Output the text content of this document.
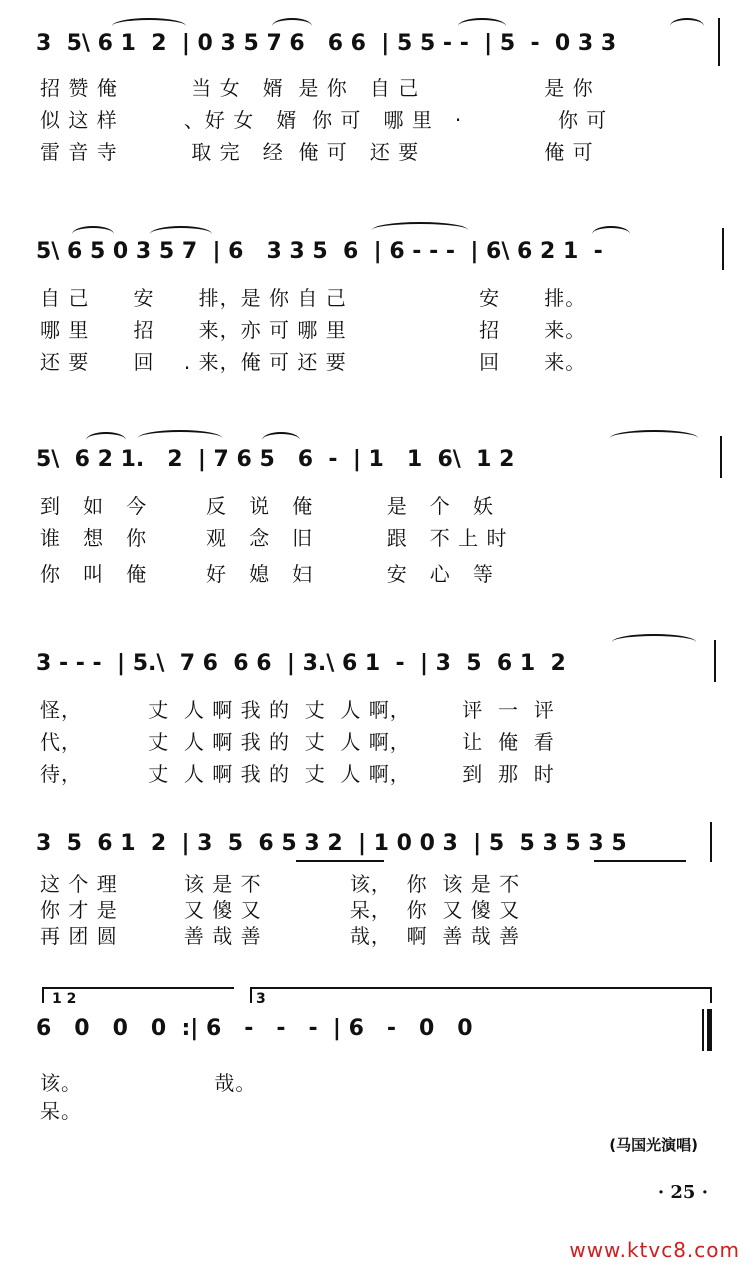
3  5\ 6 1  2  | 0 3 5 7 6   6 6  | 5 5 - -  | 5  -  0 3 3
招 赞 俺          当 女   婿  是 你   自 己                 是 你
似 这 样         、好 女   婿  你 可   哪 里   ·             你 可
雷 音 寺          取 完   经  俺 可   还 要                 俺 可
5\ 6 5 0 3 5 7  | 6   3 3 5  6  | 6 - - -  | 6\ 6 2 1  -
自 己      安      排，是 你 自 己                  安      排。
哪 里      招      来，亦 可 哪 里                  招      来。
还 要      回    . 来，俺 可 还 要                  回      来。
5\  6 2 1.   2  | 7 6 5   6  -  | 1   1  6\  1 2
到   如   今        反   说   俺          是   个   妖
谁   想   你        观   念   旧          跟   不 上 时
你   叫   俺        好   媳   妇          安   心   等
3 - - -  | 5.\  7 6  6 6  | 3.\ 6 1  -  | 3  5  6 1  2
怪，         丈  人 啊 我 的  丈  人 啊，       评  一  评
代，         丈  人 啊 我 的  丈  人 啊，       让  俺  看
待，         丈  人 啊 我 的  丈  人 啊，       到  那  时
3  5  6 1  2  | 3  5  6 5 3 2  | 1 0 0 3  | 5  5 3 5 3 5
这 个 理         该 是 不            该，  你  该 是 不
你 才 是         又 傻 又            呆，  你  又 傻 又
再 团 圆         善 哉 善            哉，  啊  善 哉 善
1 2	3
6   0   0   0  :| 6   -   -   -  | 6   -   0   0
该。                  哉。
呆。
(马国光演唱)
· 25 ·
www.ktvc8.com
